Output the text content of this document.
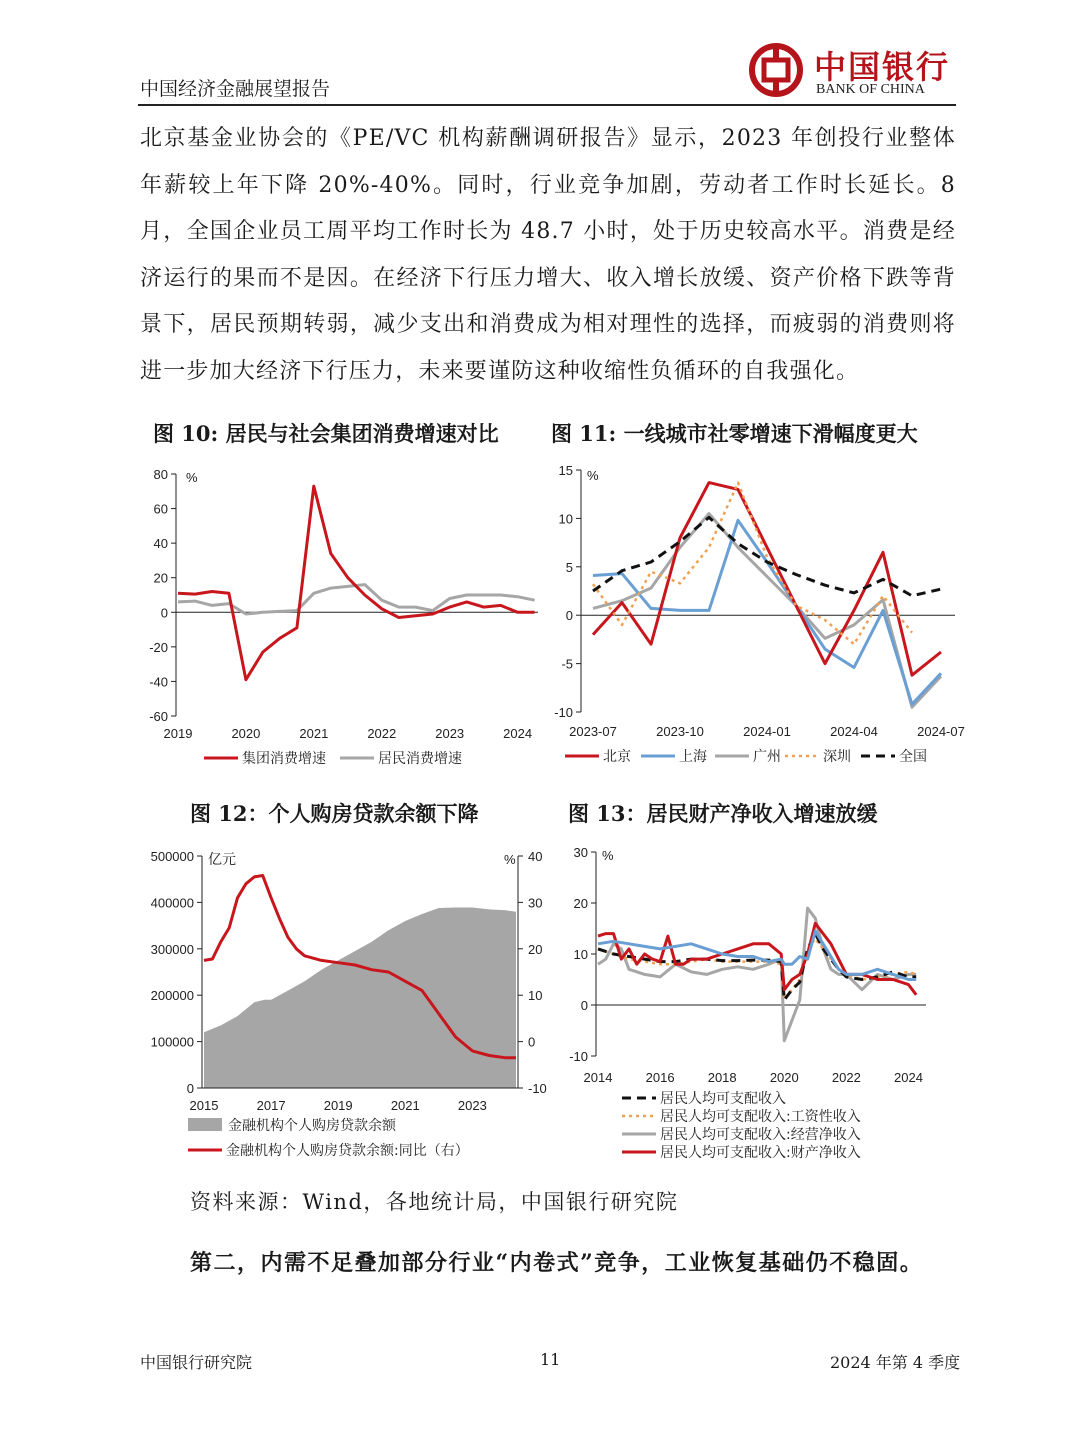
中国经济金融展望报告
中国银行
BANK OF CHINA
北京基金业协会的《PE/VC 机构薪酬调研报告》显示，2023 年创投行业整体年薪较上年下降 20%-40%。同时，行业竞争加剧，劳动者工作时长延长。8 月，全国企业员工周平均工作时长为 48.7 小时，处于历史较高水平。消费是经济运行的果而不是因。在经济下行压力增大、收入增长放缓、资产价格下跌等背景下，居民预期转弱，减少支出和消费成为相对理性的选择，而疲弱的消费则将进一步加大经济下行压力，未来要谨防这种收缩性负循环的自我强化。
图 10: 居民与社会集团消费增速对比 图 11: 一线城市社零增速下滑幅度更大
图 12：个人购房贷款余额下降	图 13：居民财产净收入增速放缓
80
60
40
20
0
-20
-40
-60
%
2019	2020	2021	2022	2023	2024
集团消费增速	居民消费增速
15
10
5
0
-5
-10
%
2023-07	2023-10	2024-01	2024-04	2024-07
北京	上海	广州	深圳	全国
500000
400000
300000
200000
100000
0
40
30
20
10
0
-10
亿元	%
2015	2017	2019	2021	2023
金融机构个人购房贷款余额
金融机构个人购房贷款余额:同比（右）
30
20
10
0
-10
%
2014	2016	2018	2020	2022	2024
居民人均可支配收入
居民人均可支配收入:工资性收入
居民人均可支配收入:经营净收入
居民人均可支配收入:财产净收入
资料来源：Wind，各地统计局，中国银行研究院
第二，内需不足叠加部分行业“内卷式”竞争，工业恢复基础仍不稳固。
中国银行研究院	11	2024 年第 4 季度
